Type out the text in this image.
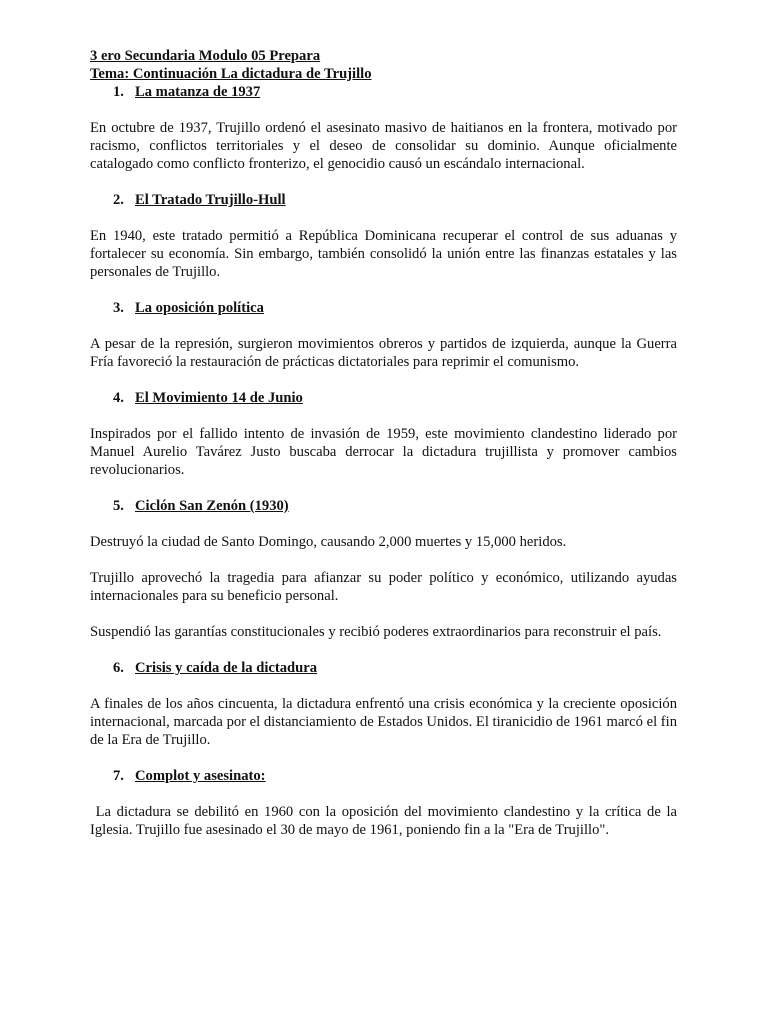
3 ero Secundaria Modulo 05 Prepara
Tema: Continuación La dictadura de Trujillo
1. La matanza de 1937

En octubre de 1937, Trujillo ordenó el asesinato masivo de haitianos en la frontera, motivado por racismo, conflictos territoriales y el deseo de consolidar su dominio. Aunque oficialmente catalogado como conflicto fronterizo, el genocidio causó un escándalo internacional.

2. El Tratado Trujillo-Hull

En 1940, este tratado permitió a República Dominicana recuperar el control de sus aduanas y fortalecer su economía. Sin embargo, también consolidó la unión entre las finanzas estatales y las personales de Trujillo.

3. La oposición política

A pesar de la represión, surgieron movimientos obreros y partidos de izquierda, aunque la Guerra Fría favoreció la restauración de prácticas dictatoriales para reprimir el comunismo.

4. El Movimiento 14 de Junio

Inspirados por el fallido intento de invasión de 1959, este movimiento clandestino liderado por Manuel Aurelio Tavárez Justo buscaba derrocar la dictadura trujillista y promover cambios revolucionarios.

5. Ciclón San Zenón (1930)

Destruyó la ciudad de Santo Domingo, causando 2,000 muertes y 15,000 heridos.

Trujillo aprovechó la tragedia para afianzar su poder político y económico, utilizando ayudas internacionales para su beneficio personal.

Suspendió las garantías constitucionales y recibió poderes extraordinarios para reconstruir el país.

6. Crisis y caída de la dictadura

A finales de los años cincuenta, la dictadura enfrentó una crisis económica y la creciente oposición internacional, marcada por el distanciamiento de Estados Unidos. El tiranicidio de 1961 marcó el fin de la Era de Trujillo.

7. Complot y asesinato:

La dictadura se debilitó en 1960 con la oposición del movimiento clandestino y la crítica de la Iglesia. Trujillo fue asesinado el 30 de mayo de 1961, poniendo fin a la "Era de Trujillo".
